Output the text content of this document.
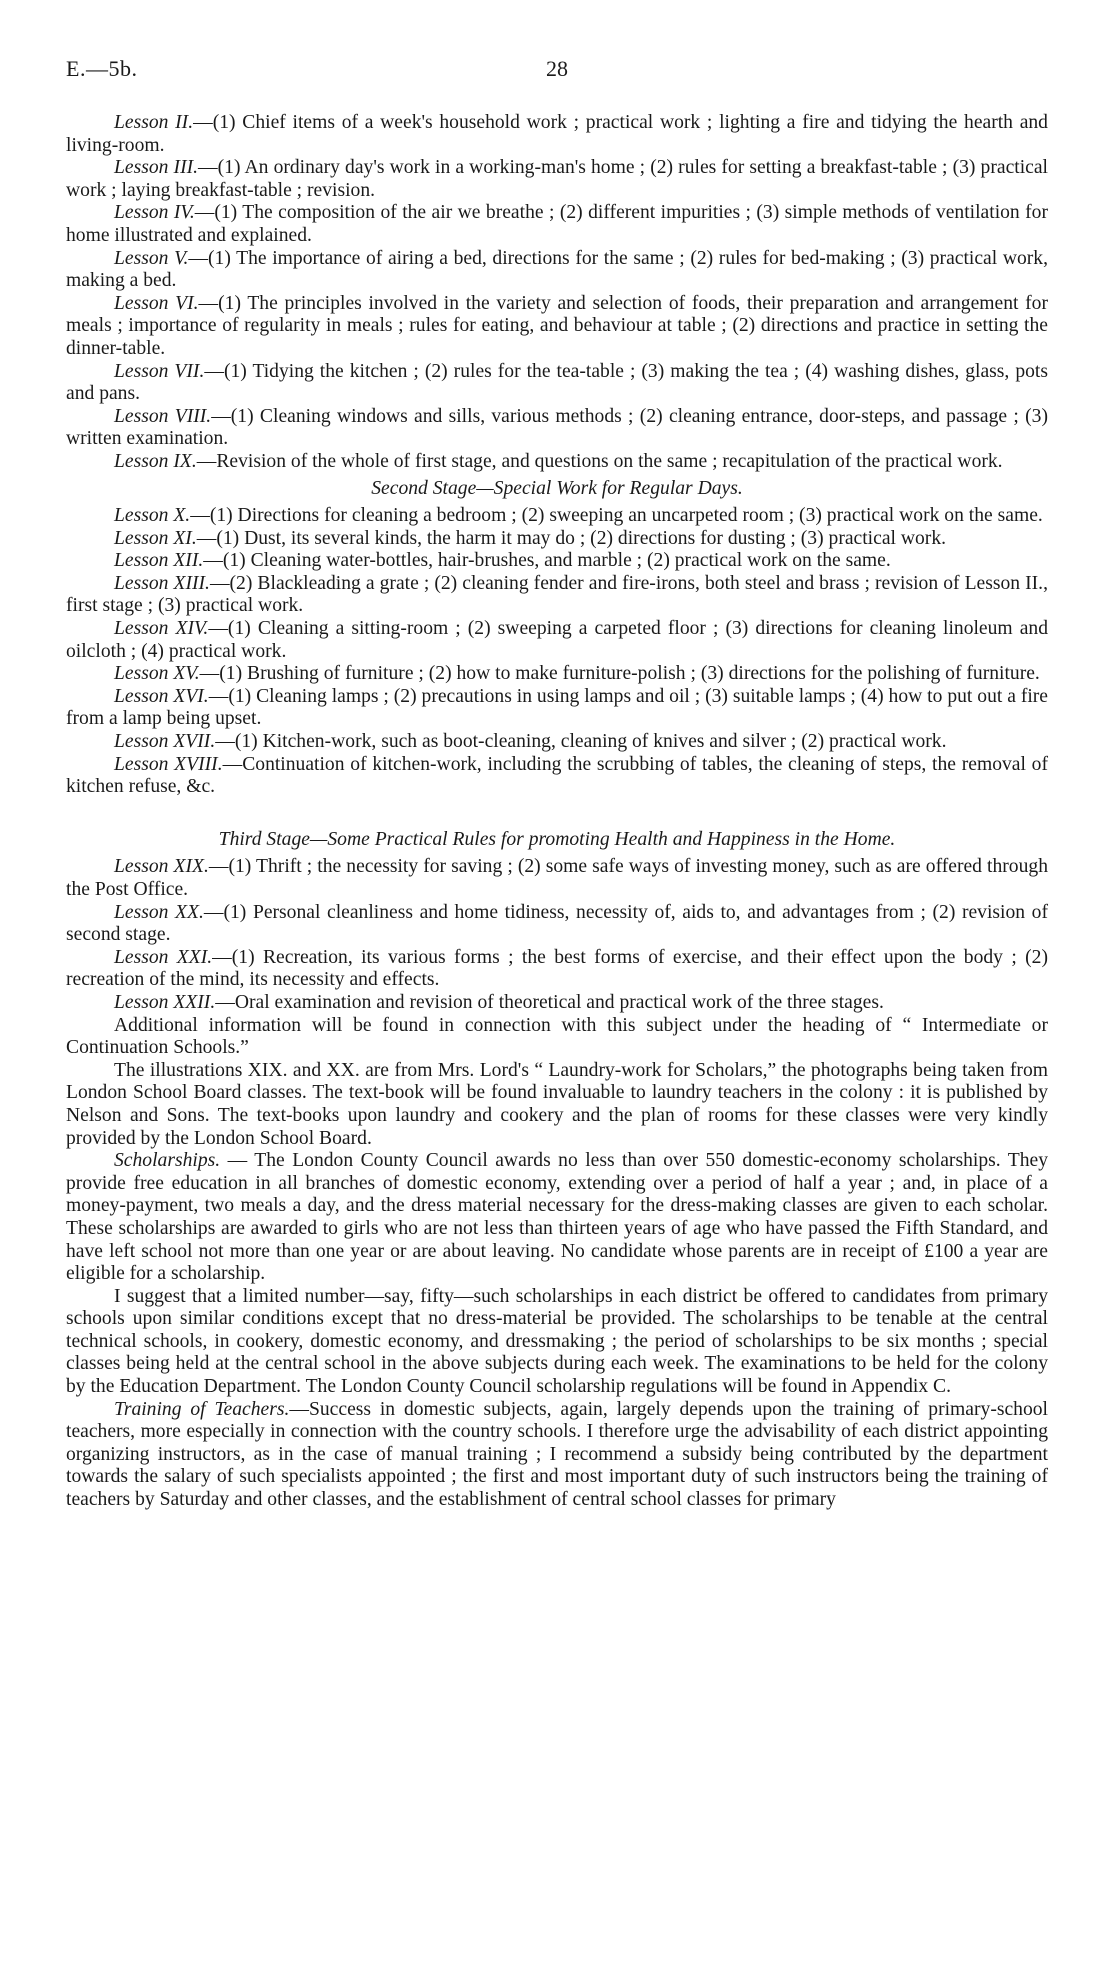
E.—5b.	28

Lesson II.—(1) Chief items of a week's household work ; practical work ; lighting a fire and tidying the hearth and living-room.

Lesson III.—(1) An ordinary day's work in a working-man's home ; (2) rules for setting a breakfast-table ; (3) practical work ; laying breakfast-table ; revision.

Lesson IV.—(1) The composition of the air we breathe ; (2) different impurities ; (3) simple methods of ventilation for home illustrated and explained.

Lesson V.—(1) The importance of airing a bed, directions for the same ; (2) rules for bed-making ; (3) practical work, making a bed.

Lesson VI.—(1) The principles involved in the variety and selection of foods, their preparation and arrangement for meals ; importance of regularity in meals ; rules for eating, and behaviour at table ; (2) directions and practice in setting the dinner-table.

Lesson VII.—(1) Tidying the kitchen ; (2) rules for the tea-table ; (3) making the tea ; (4) washing dishes, glass, pots and pans.

Lesson VIII.—(1) Cleaning windows and sills, various methods ; (2) cleaning entrance, door-steps, and passage ; (3) written examination.

Lesson IX.—Revision of the whole of first stage, and questions on the same ; recapitulation of the practical work.

Second Stage—Special Work for Regular Days.

Lesson X.—(1) Directions for cleaning a bedroom ; (2) sweeping an uncarpeted room ; (3) practical work on the same.

Lesson XI.—(1) Dust, its several kinds, the harm it may do ; (2) directions for dusting ; (3) practical work.

Lesson XII.—(1) Cleaning water-bottles, hair-brushes, and marble ; (2) practical work on the same.

Lesson XIII.—(2) Blackleading a grate ; (2) cleaning fender and fire-irons, both steel and brass ; revision of Lesson II., first stage ; (3) practical work.

Lesson XIV.—(1) Cleaning a sitting-room ; (2) sweeping a carpeted floor ; (3) directions for cleaning linoleum and oilcloth ; (4) practical work.

Lesson XV.—(1) Brushing of furniture ; (2) how to make furniture-polish ; (3) directions for the polishing of furniture.

Lesson XVI.—(1) Cleaning lamps ; (2) precautions in using lamps and oil ; (3) suitable lamps ; (4) how to put out a fire from a lamp being upset.

Lesson XVII.—(1) Kitchen-work, such as boot-cleaning, cleaning of knives and silver ; (2) practical work.

Lesson XVIII.—Continuation of kitchen-work, including the scrubbing of tables, the cleaning of steps, the removal of kitchen refuse, &c.

Third Stage—Some Practical Rules for promoting Health and Happiness in the Home.

Lesson XIX.—(1) Thrift ; the necessity for saving ; (2) some safe ways of investing money, such as are offered through the Post Office.

Lesson XX.—(1) Personal cleanliness and home tidiness, necessity of, aids to, and advantages from ; (2) revision of second stage.

Lesson XXI.—(1) Recreation, its various forms ; the best forms of exercise, and their effect upon the body ; (2) recreation of the mind, its necessity and effects.

Lesson XXII.—Oral examination and revision of theoretical and practical work of the three stages.

Additional information will be found in connection with this subject under the heading of “ Intermediate or Continuation Schools.”

The illustrations XIX. and XX. are from Mrs. Lord's “ Laundry-work for Scholars,” the photographs being taken from London School Board classes. The text-book will be found invaluable to laundry teachers in the colony : it is published by Nelson and Sons. The text-books upon laundry and cookery and the plan of rooms for these classes were very kindly provided by the London School Board.

Scholarships. — The London County Council awards no less than over 550 domestic-economy scholarships. They provide free education in all branches of domestic economy, extending over a period of half a year ; and, in place of a money-payment, two meals a day, and the dress material necessary for the dress-making classes are given to each scholar. These scholarships are awarded to girls who are not less than thirteen years of age who have passed the Fifth Standard, and have left school not more than one year or are about leaving. No candidate whose parents are in receipt of £100 a year are eligible for a scholarship.

I suggest that a limited number—say, fifty—such scholarships in each district be offered to candidates from primary schools upon similar conditions except that no dress-material be provided. The scholarships to be tenable at the central technical schools, in cookery, domestic economy, and dressmaking ; the period of scholarships to be six months ; special classes being held at the central school in the above subjects during each week. The examinations to be held for the colony by the Education Department. The London County Council scholarship regulations will be found in Appendix C.

Training of Teachers.—Success in domestic subjects, again, largely depends upon the training of primary-school teachers, more especially in connection with the country schools. I therefore urge the advisability of each district appointing organizing instructors, as in the case of manual training ; I recommend a subsidy being contributed by the department towards the salary of such specialists appointed ; the first and most important duty of such instructors being the training of teachers by Saturday and other classes, and the establishment of central school classes for primary
